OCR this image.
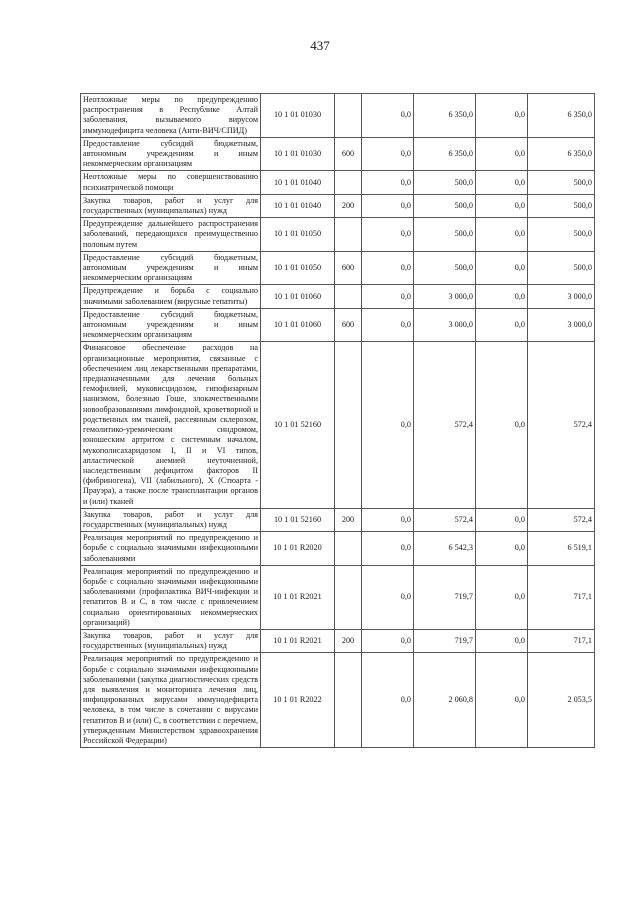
437
Неотложные меры по предупреждению распространения в Республике Алтай заболевания, вызываемого вирусом иммунодефицита человека (Анти-ВИЧ/СПИД)	10 1 01 01030		0,0	6 350,0	0,0	6 350,0
Предоставление субсидий бюджетным, автономным учреждениям и иным некоммерческим организациям	10 1 01 01030	600	0,0	6 350,0	0,0	6 350,0
Неотложные меры по совершенствованию психиатрической помощи	10 1 01 01040		0,0	500,0	0,0	500,0
Закупка товаров, работ и услуг для государственных (муниципальных) нужд	10 1 01 01040	200	0,0	500,0	0,0	500,0
Предупреждение дальнейшего распространения заболеваний, передающихся преимущественно половым путем	10 1 01 01050		0,0	500,0	0,0	500,0
Предоставление субсидий бюджетным, автономным учреждениям и иным некоммерческим организациям	10 1 01 01050	600	0,0	500,0	0,0	500,0
Предупреждение и борьба с социально значимыми заболеванием (вирусные гепатиты)	10 1 01 01060		0,0	3 000,0	0,0	3 000,0
Предоставление субсидий бюджетным, автономным учреждениям и иным некоммерческим организациям	10 1 01 01060	600	0,0	3 000,0	0,0	3 000,0
Финансовое обеспечение расходов на организационные мероприятия, связанные с обеспечением лиц лекарственными препаратами, предназначенными для лечения больных гемофилией, муковисцидозом, гипофизарным нанизмом, болезнью Гоше, злокачественными новообразованиями лимфоидной, кроветворной и родственных им тканей, рассеянным склерозом, гемолитико-уремическим синдромом, юношеским артритом с системным началом, мукополисахаридозом I, II и VI типов, апластической анемией неуточненной, наследственным дефицитом факторов II (фибриногена), VII (лабильного), X (Стюарта - Прауэра), а также после трансплантации органов и (или) тканей	10 1 01 52160		0,0	572,4	0,0	572,4
Закупка товаров, работ и услуг для государственных (муниципальных) нужд	10 1 01 52160	200	0,0	572,4	0,0	572,4
Реализация мероприятий по предупреждению и борьбе с социально значимыми инфекционными заболеваниями	10 1 01 R2020		0,0	6 542,3	0,0	6 519,1
Реализация мероприятий по предупреждению и борьбе с социально значимыми инфекционными заболеваниями (профилактика ВИЧ-инфекции и гепатитов B и C, в том числе с привлечением социально ориентированных некоммерческих организаций)	10 1 01 R2021		0,0	719,7	0,0	717,1
Закупка товаров, работ и услуг для государственных (муниципальных) нужд	10 1 01 R2021	200	0,0	719,7	0,0	717,1
Реализация мероприятий по предупреждению и борьбе с социально значимыми инфекционными заболеваниями (закупка диагностических средств для выявления и мониторинга лечения лиц, инфицированных вирусами иммунодефицита человека, в том числе в сочетании с вирусами гепатитов B и (или) C, в соответствии с перечнем, утвержденным Министерством здравоохранения Российской Федерации)	10 1 01 R2022		0,0	2 060,8	0,0	2 053,5
